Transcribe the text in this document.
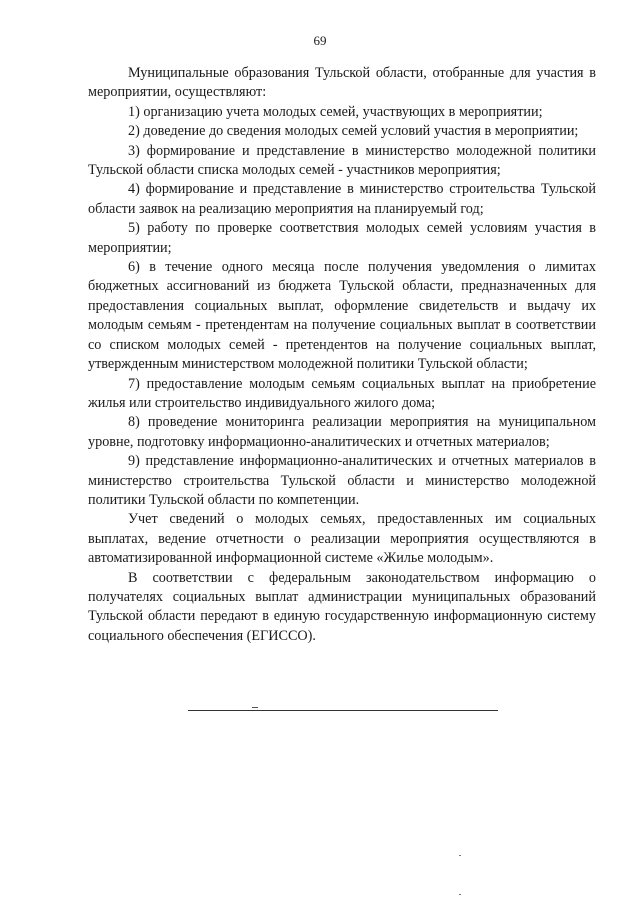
69

Муниципальные образования Тульской области, отобранные для участия в мероприятии, осуществляют:

1) организацию учета молодых семей, участвующих в мероприятии;

2) доведение до сведения молодых семей условий участия в мероприятии;

3) формирование и представление в министерство молодежной политики Тульской области списка молодых семей - участников мероприятия;

4) формирование и представление в министерство строительства Тульской области заявок на реализацию мероприятия на планируемый год;

5) работу по проверке соответствия молодых семей условиям участия в мероприятии;

6) в течение одного месяца после получения уведомления о лимитах бюджетных ассигнований из бюджета Тульской области, предназначенных для предоставления социальных выплат, оформление свидетельств и выдачу их молодым семьям - претендентам на получение социальных выплат в соответствии со списком молодых семей - претендентов на получение социальных выплат, утвержденным министерством молодежной политики Тульской области;

7) предоставление молодым семьям социальных выплат на приобретение жилья или строительство индивидуального жилого дома;

8) проведение мониторинга реализации мероприятия на муниципальном уровне, подготовку информационно-аналитических и отчетных материалов;

9) представление информационно-аналитических и отчетных материалов в министерство строительства Тульской области и министерство молодежной политики Тульской области по компетенции.

Учет сведений о молодых семьях, предоставленных им социальных выплатах, ведение отчетности о реализации мероприятия осуществляются в автоматизированной информационной системе «Жилье молодым».

В соответствии с федеральным законодательством информацию о получателях социальных выплат администрации муниципальных образований Тульской области передают в единую государственную информационную систему социального обеспечения (ЕГИССО).
